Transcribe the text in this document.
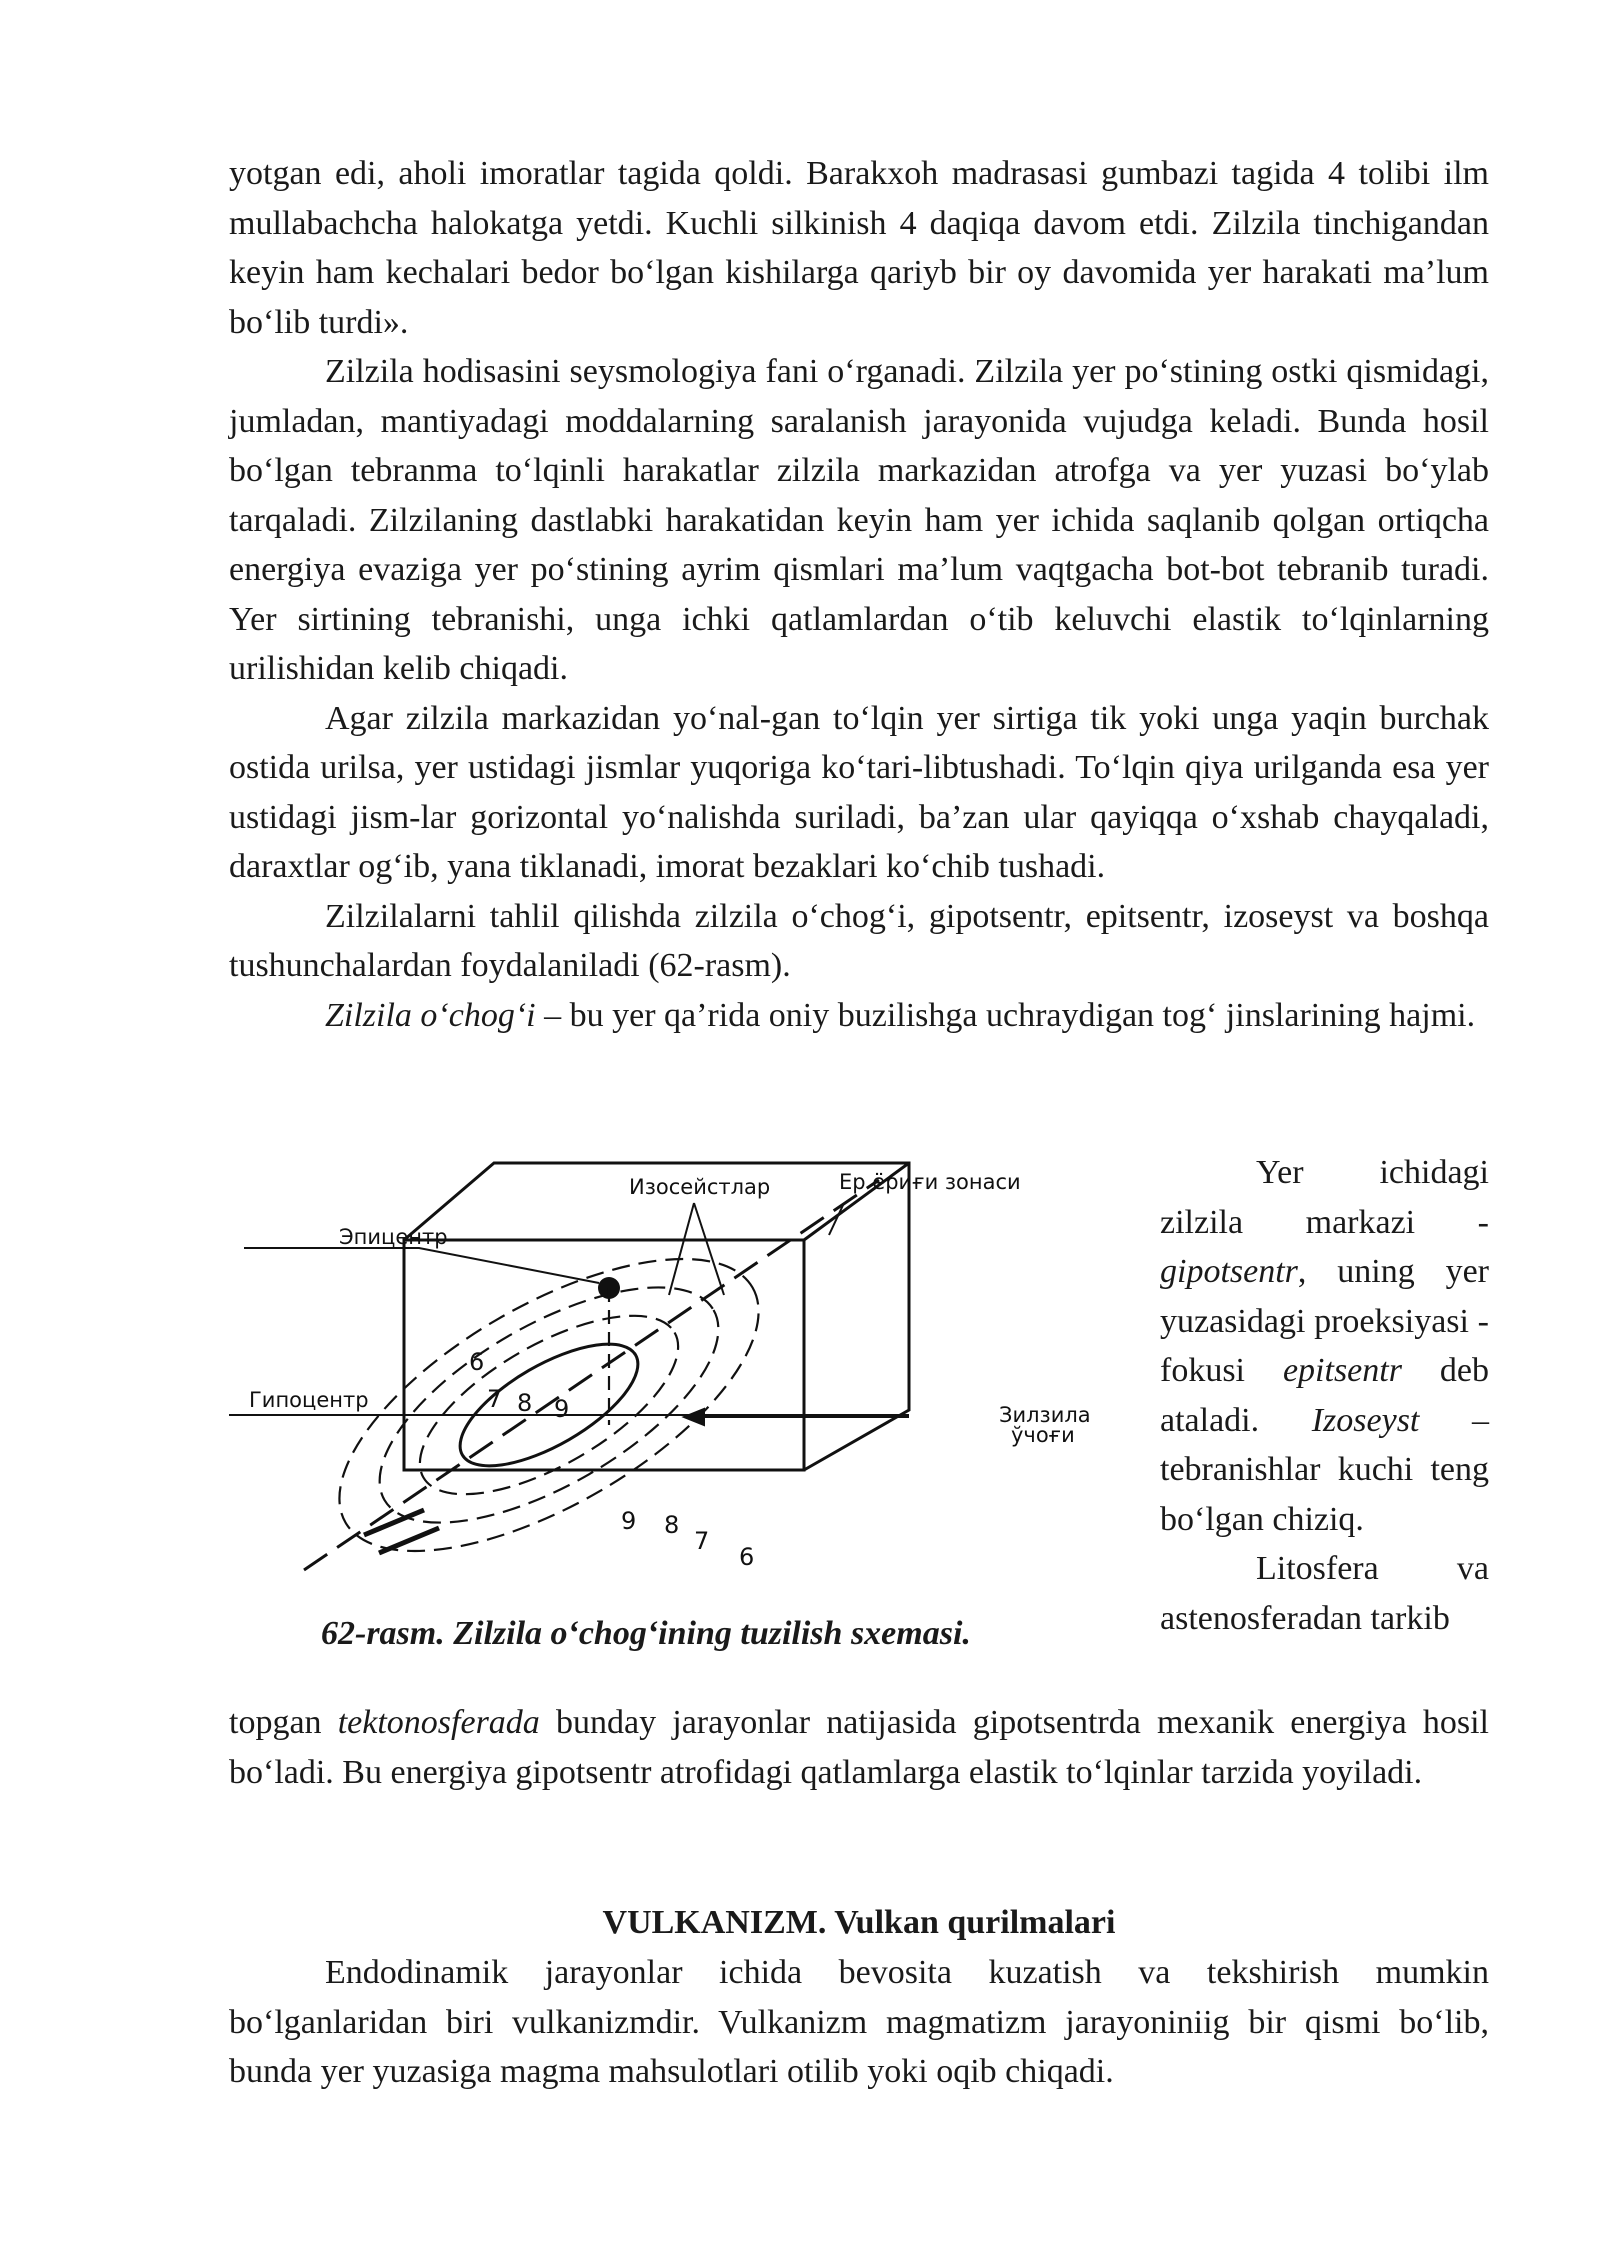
yotgan edi, aholi imoratlar tagida qoldi. Barakxoh madrasasi gumbazi tagida 4 tolibi ilm mullabachcha halokatga yetdi. Kuchli silkinish 4 daqiqa davom etdi. Zilzila tinchigandan keyin ham kechalari bedor bo‘lgan kishilarga qariyb bir oy davomida yer harakati ma’lum bo‘lib turdi».

Zilzila hodisasini seysmologiya fani o‘rganadi. Zilzila yer po‘stining ostki qismidagi, jumladan, mantiyadagi moddalarning saralanish jarayonida vujudga keladi. Bunda hosil bo‘lgan tebranma to‘lqinli harakatlar zilzila markazidan atrofga va yer yuzasi bo‘ylab tarqaladi. Zilzilaning dastlabki harakatidan keyin ham yer ichida saqlanib qolgan ortiqcha energiya evaziga yer po‘stining ayrim qismlari ma’lum vaqtgacha bot-bot tebranib turadi. Yer sirtining tebranishi, unga ichki qatlamlardan o‘tib keluvchi elastik to‘lqinlarning urilishidan kelib chiqadi.

Agar zilzila markazidan yo‘nal-gan to‘lqin yer sirtiga tik yoki unga yaqin burchak ostida urilsa, yer ustidagi jismlar yuqoriga ko‘tari-libtushadi. To‘lqin qiya urilganda esa yer ustidagi jism-lar gorizontal yo‘nalishda suriladi, ba’zan ular qayiqqa o‘xshab chayqaladi, daraxtlar og‘ib, yana tiklanadi, imorat bezaklari ko‘chib tushadi.

Zilzilalarni tahlil qilishda zilzila o‘chog‘i, gipotsentr, epitsentr, izoseyst va boshqa tushunchalardan foydalaniladi (62-rasm).

Zilzila o‘chog‘i – bu yer qa’rida oniy buzilishga uchraydigan tog‘ jinslarining hajmi.

6
7 8 9
9 8
7
6
Изосейстлар	Ер ёриғи зонаси
Эпицентр
Гипоцентр
Зилзила
ўчоғи
62-rasm. Zilzila o‘chog‘ining tuzilish sxemasi.

Yer ichidagi zilzila markazi - gipotsentr, uning yer yuzasidagi proeksiyasi - fokusi epitsentr deb ataladi. Izoseyst – tebranishlar kuchi teng bo‘lgan chiziq.

Litosfera va astenosferadan tarkib

topgan tektonosferada bunday jarayonlar natijasida gipotsentrda mexanik energiya hosil bo‘ladi. Bu energiya gipotsentr atrofidagi qatlamlarga elastik to‘lqinlar tarzida yoyiladi.

VULKANIZM. Vulkan qurilmalari

Endodinamik jarayonlar ichida bevosita kuzatish va tekshirish mumkin bo‘lganlaridan biri vulkanizmdir. Vulkanizm magmatizm jarayoniniig bir qismi bo‘lib, bunda yer yuzasiga magma mahsulotlari otilib yoki oqib chiqadi.
